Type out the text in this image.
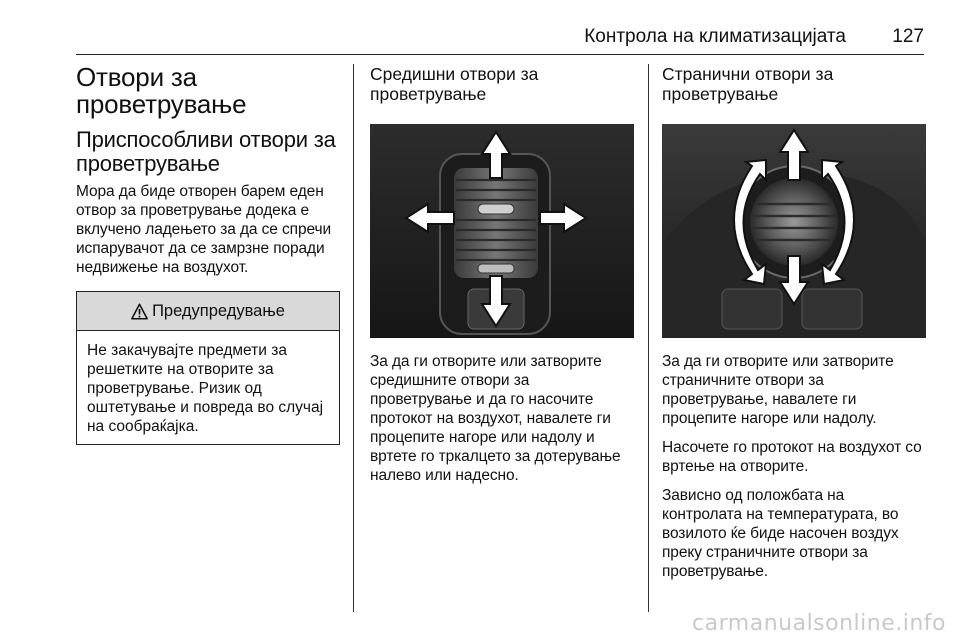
Контрола на климатизацијата 127
Отвори за проветрување
Приспособливи отвори за проветрување

Мора да биде отворен барем еден отвор за проветрување додека е вклучено ладењето за да се спречи испарувачот да се замрзне поради недвижење на воздухот.

Предупредување
Не закачувајте предмети за решетките на отворите за проветрување. Ризик од оштетување и повреда во случај на сообраќајка.
Средишни отвори за проветрување

За да ги отворите или затворите средишните отвори за проветрување и да го насочите протокот на воздухот, навалете ги процепите нагоре или надолу и вртете го тркалцето за дотерување налево или надесно.

Странични отвори за проветрување

За да ги отворите или затворите страничните отвори за проветрување, навалете ги процепите нагоре или надолу.

Насочете го протокот на воздухот со вртење на отворите.

Зависно од положбата на контролата на температурата, во возилото ќе биде насочен воздух преку страничните отвори за проветрување.

carmanualsonline.info
